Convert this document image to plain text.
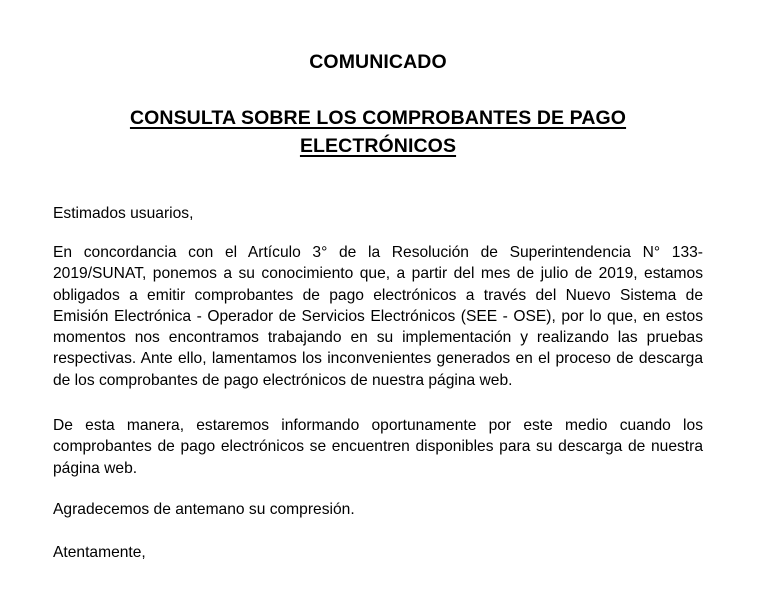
COMUNICADO
CONSULTA SOBRE LOS COMPROBANTES DE PAGO ELECTRÓNICOS

Estimados usuarios,

En concordancia con el Artículo 3° de la Resolución de Superintendencia N° 133-2019/SUNAT, ponemos a su conocimiento que, a partir del mes de julio de 2019, estamos obligados a emitir comprobantes de pago electrónicos a través del Nuevo Sistema de Emisión Electrónica - Operador de Servicios Electrónicos (SEE - OSE), por lo que, en estos momentos nos encontramos trabajando en su implementación y realizando las pruebas respectivas. Ante ello, lamentamos los inconvenientes generados en el proceso de descarga de los comprobantes de pago electrónicos de nuestra página web.

De esta manera, estaremos informando oportunamente por este medio cuando los comprobantes de pago electrónicos se encuentren disponibles para su descarga de nuestra página web.

Agradecemos de antemano su compresión.

Atentamente,
